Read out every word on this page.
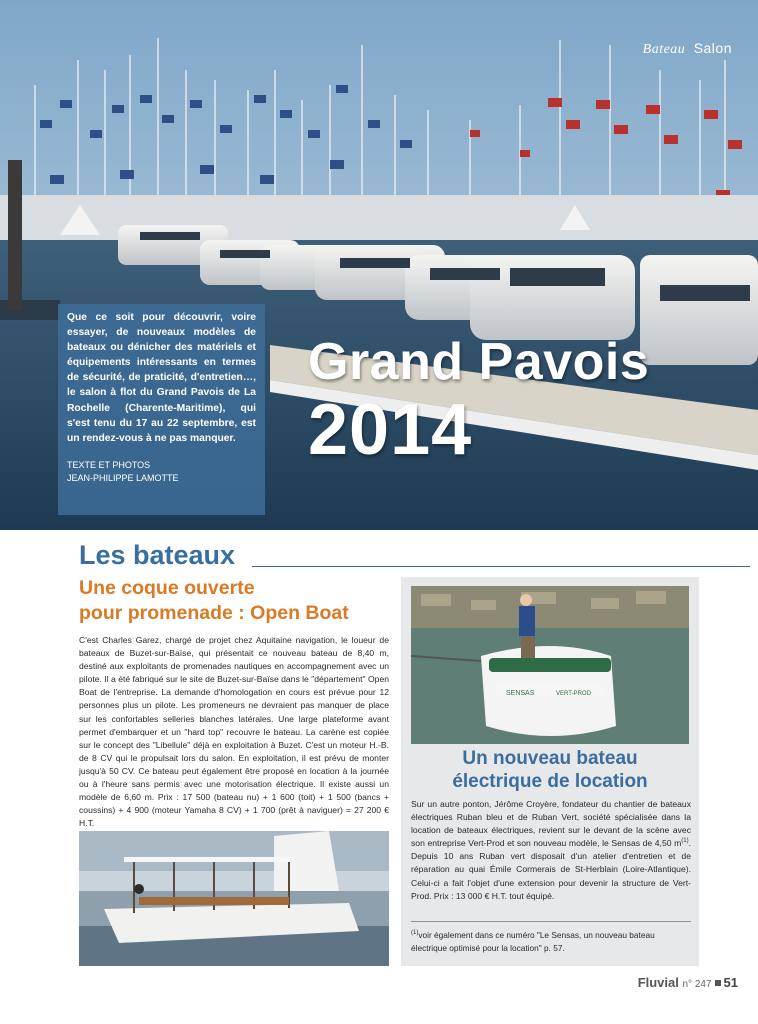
Bateau Salon

Que ce soit pour découvrir, voire essayer, de nouveaux modèles de bateaux ou dénicher des matériels et équipements intéressants en termes de sécurité, de praticité, d'entretien…, le salon à flot du Grand Pavois de La Rochelle (Charente-Maritime), qui s'est tenu du 17 au 22 septembre, est un rendez-vous à ne pas manquer.

TEXTE ET PHOTOS
JEAN-PHILIPPE LAMOTTE
Grand Pavois
2014
Les bateaux
Une coque ouverte
pour promenade : Open Boat

C'est Charles Garez, chargé de projet chez Aquitaine navigation, le loueur de bateaux de Buzet-sur-Baïse, qui présentait ce nouveau bateau de 8,40 m, destiné aux exploitants de promenades nautiques en accompagnement avec un pilote. Il a été fabriqué sur le site de Buzet-sur-Baïse dans le "département" Open Boat de l'entreprise. La demande d'homologation en cours est prévue pour 12 personnes plus un pilote. Les promeneurs ne devraient pas manquer de place sur les confortables selleries blanches latérales. Une large plateforme avant permet d'embarquer et un "hard top" recouvre le bateau. La carène est copiée sur le concept des "Libellule" déjà en exploitation à Buzet. C'est un moteur H.-B. de 8 CV qui le propulsait lors du salon. En exploitation, il est prévu de monter jusqu'à 50 CV. Ce bateau peut également être proposé en location à la journée ou à l'heure sans permis avec une motorisation électrique. Il existe aussi un modèle de 6,60 m. Prix : 17 500 (bateau nu) + 1 600 (toit) + 1 500 (bancs + coussins) + 4 900 (moteur Yamaha 8 CV) + 1 700 (prêt à naviguer) = 27 200 € H.T.

SENSAS	VERT-PROD
Un nouveau bateau
électrique de location

Sur un autre ponton, Jérôme Croyère, fondateur du chantier de bateaux électriques Ruban bleu et de Ruban Vert, société spécialisée dans la location de bateaux électriques, revient sur le devant de la scène avec son entreprise Vert-Prod et son nouveau modèle, le Sensas de 4,50 $m^{(1)}$. Depuis 10 ans Ruban vert disposait d'un atelier d'entretien et de réparation au quai Émile Cormerais de St-Herblain (Loire-Atlantique). Celui-ci a fait l'objet d'une extension pour devenir la structure de Vert-Prod. Prix : 13 000 € H.T. tout équipé.

$^{(1)}$voir également dans ce numéro "Le Sensas, un nouveau bateau électrique optimisé pour la location" p. 57.

Fluvial n° 247 51
